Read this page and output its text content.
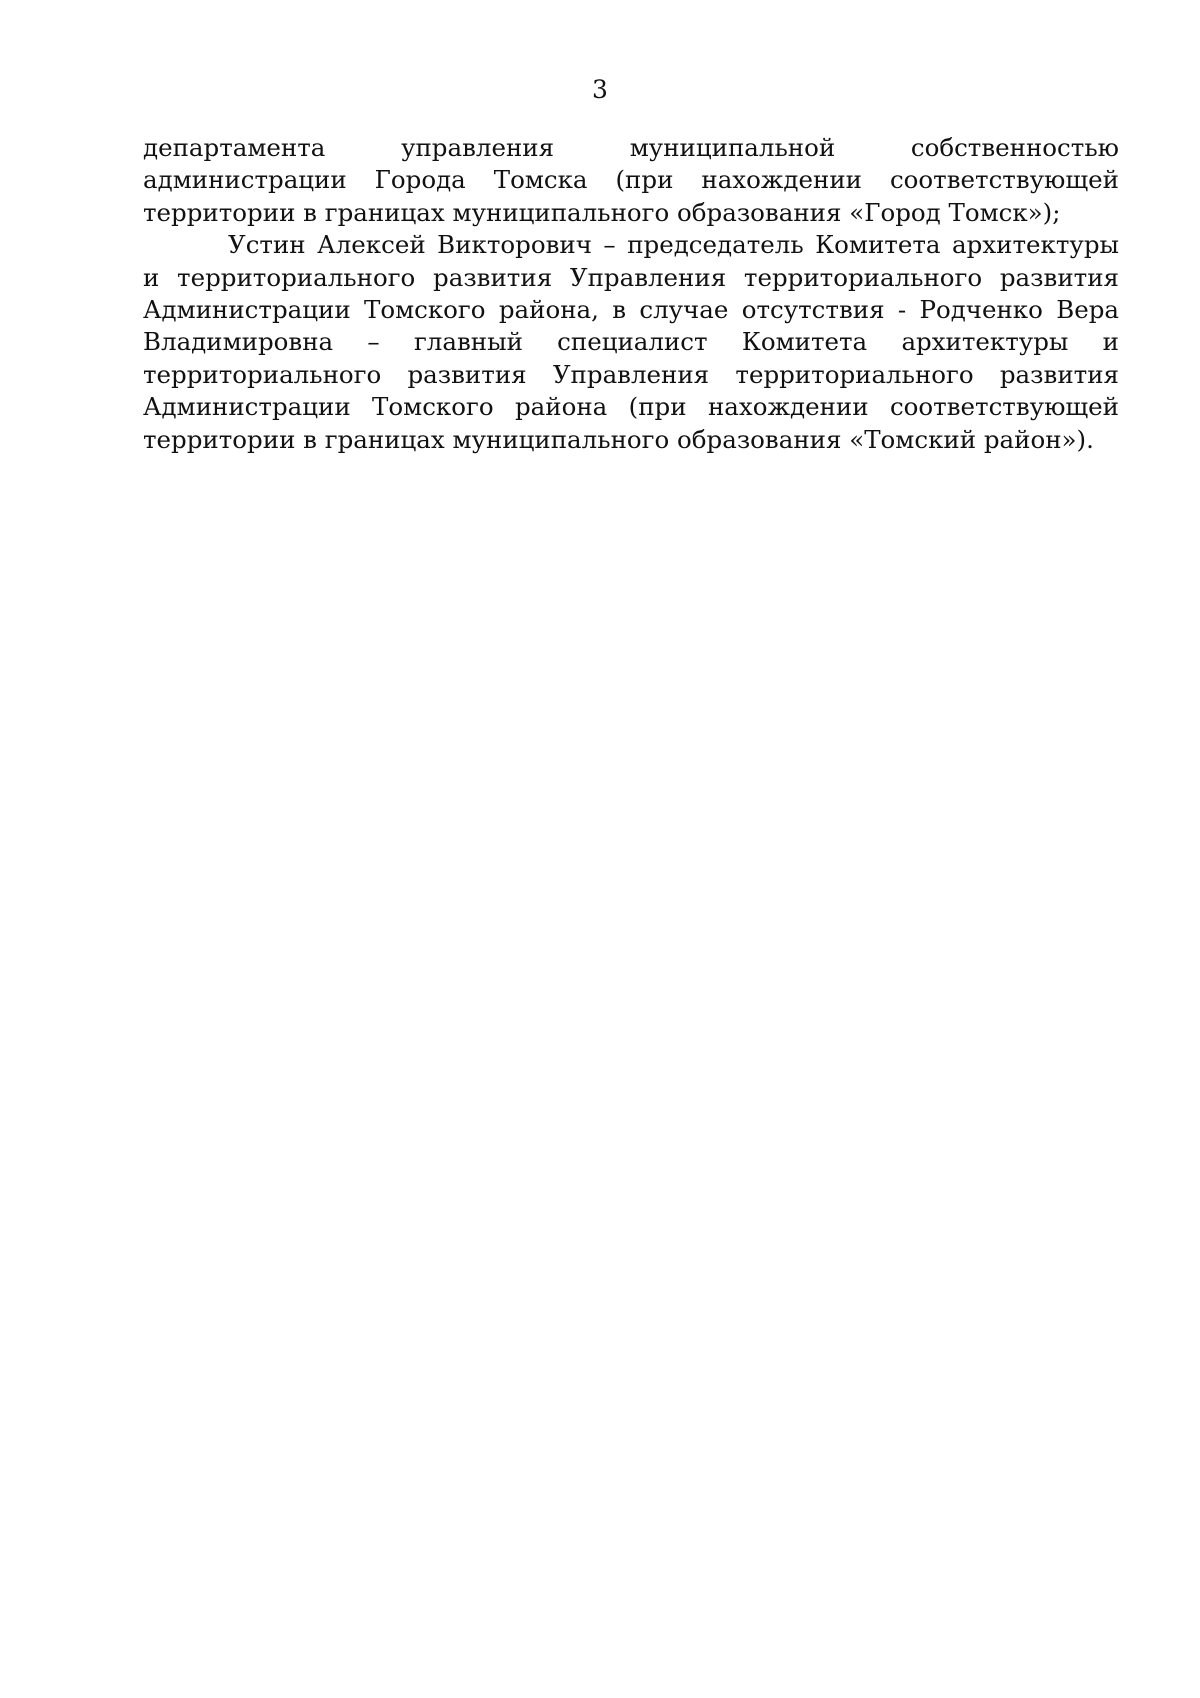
3

департамента управления муниципальной собственностью администрации Города Томска (при нахождении соответствующей территории в границах муниципального образования «Город Томск»);

Устин Алексей Викторович – председатель Комитета архитектуры и территориального развития Управления территориального развития Администрации Томского района, в случае отсутствия - Родченко Вера Владимировна – главный специалист Комитета архитектуры и территориального развития Управления территориального развития Администрации Томского района (при нахождении соответствующей территории в границах муниципального образования «Томский район»).
